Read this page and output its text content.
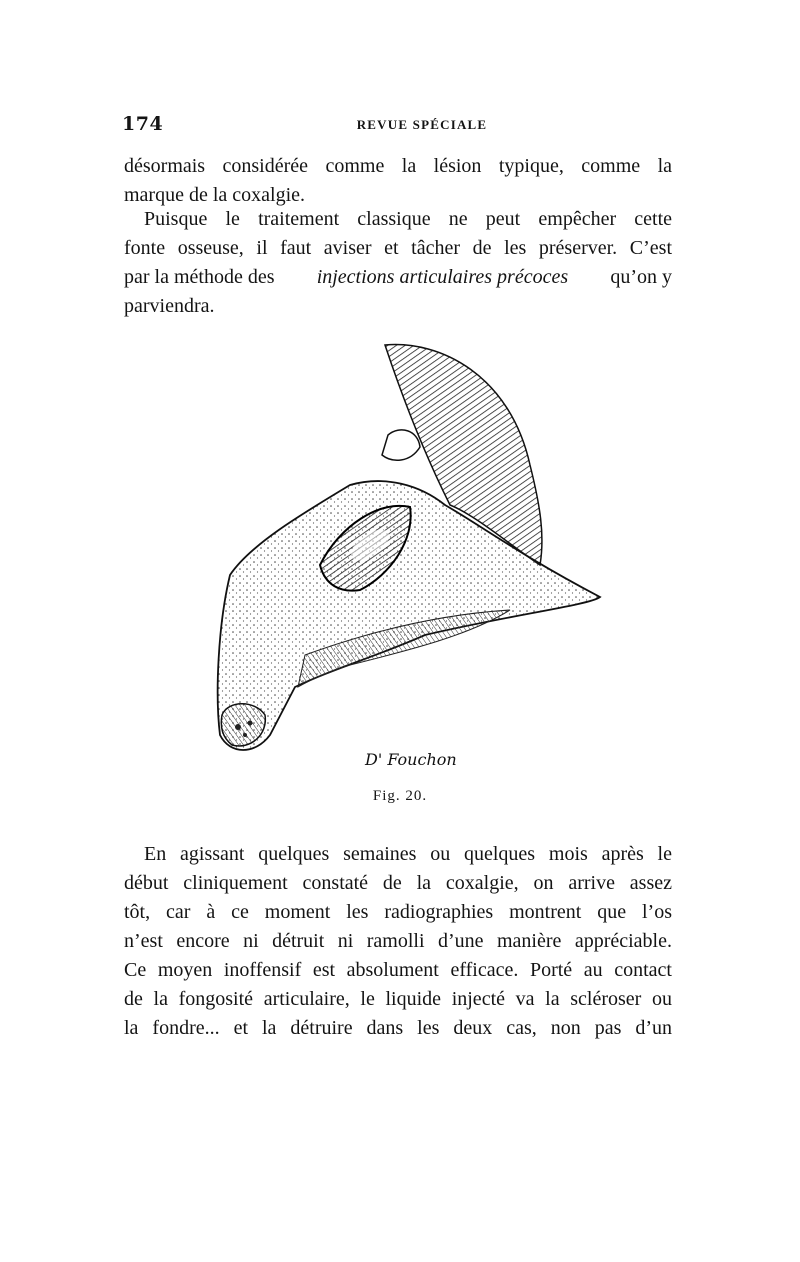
174	REVUE SPÉCIALE

désormais considérée comme la lésion typique, comme la
marque de la coxalgie.

Puisque le traitement classique ne peut empêcher cette
fonte osseuse, il faut aviser et tâcher de les préserver. C’est
par la méthode des injections articulaires précoces qu’on y
parviendra.

D' Fouchon
Fig. 20.

En agissant quelques semaines ou quelques mois après le
début cliniquement constaté de la coxalgie, on arrive assez
tôt, car à ce moment les radiographies montrent que l’os
n’est encore ni détruit ni ramolli d’une manière appréciable.
Ce moyen inoffensif est absolument efficace. Porté au contact
de la fongosité articulaire, le liquide injecté va la scléroser ou
la fondre... et la détruire dans les deux cas, non pas d’un
